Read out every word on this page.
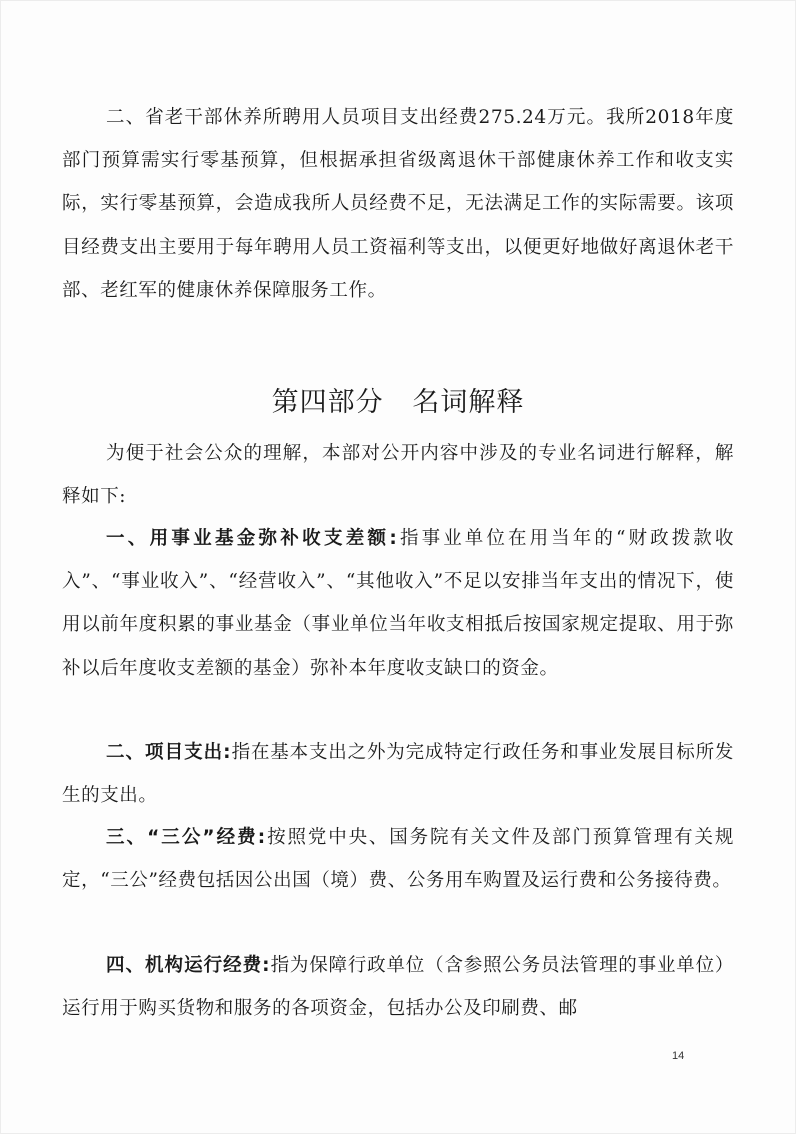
二、省老干部休养所聘用人员项目支出经费275.24万元。我所2018年度部门预算需实行零基预算，但根据承担省级离退休干部健康休养工作和收支实际，实行零基预算，会造成我所人员经费不足，无法满足工作的实际需要。该项目经费支出主要用于每年聘用人员工资福利等支出，以便更好地做好离退休老干部、老红军的健康休养保障服务工作。

第四部分   名词解释

为便于社会公众的理解，本部对公开内容中涉及的专业名词进行解释，解释如下:

一、用事业基金弥补收支差额:指事业单位在用当年的“财政拨款收入”、“事业收入”、“经营收入”、“其他收入”不足以安排当年支出的情况下，使用以前年度积累的事业基金（事业单位当年收支相抵后按国家规定提取、用于弥补以后年度收支差额的基金）弥补本年度收支缺口的资金。

二、项目支出:指在基本支出之外为完成特定行政任务和事业发展目标所发生的支出。

三、“三公”经费:按照党中央、国务院有关文件及部门预算管理有关规定，“三公”经费包括因公出国（境）费、公务用车购置及运行费和公务接待费。

四、机构运行经费:指为保障行政单位（含参照公务员法管理的事业单位）运行用于购买货物和服务的各项资金，包括办公及印刷费、邮

14
